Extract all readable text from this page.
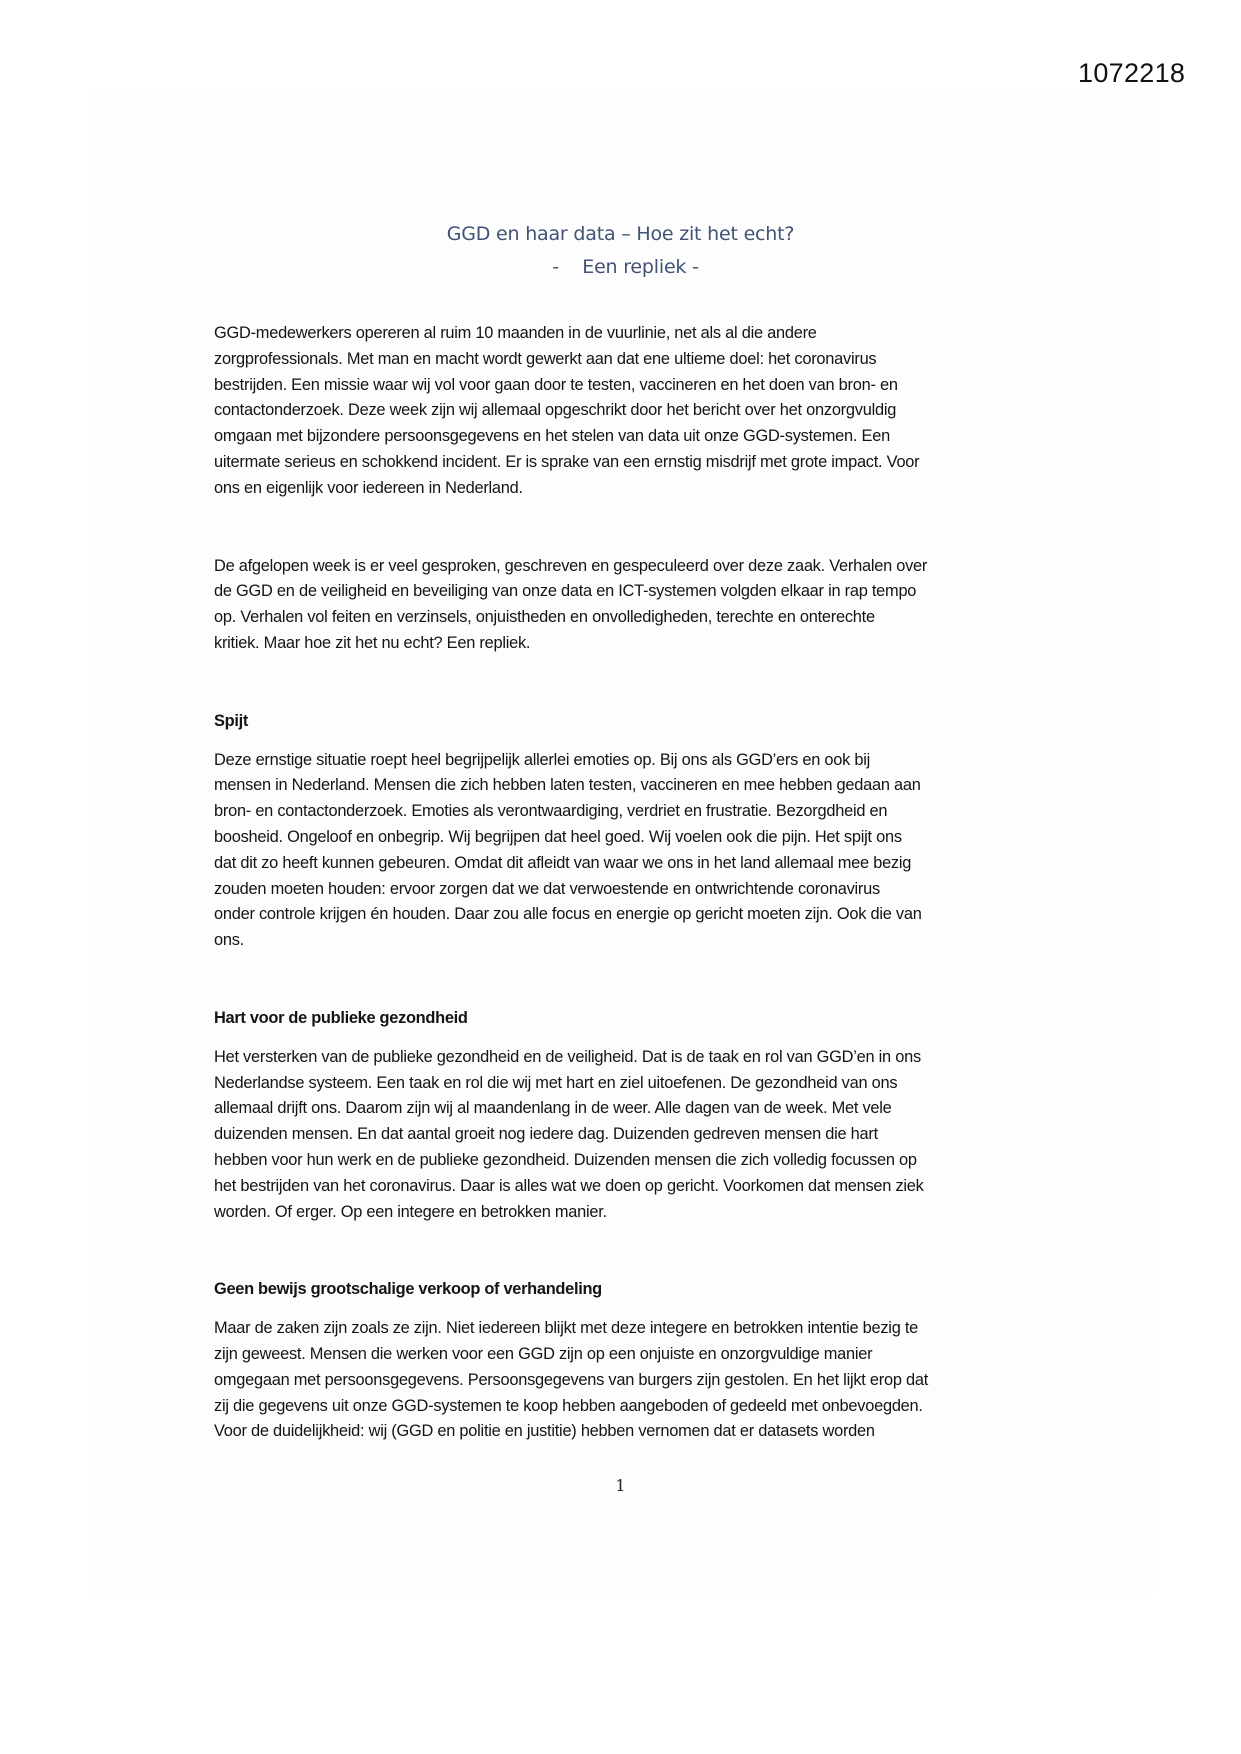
1072218
GGD en haar data – Hoe zit het echt?
-    Een repliek -

GGD-medewerkers opereren al ruim 10 maanden in de vuurlinie, net als al die andere
zorgprofessionals. Met man en macht wordt gewerkt aan dat ene ultieme doel: het coronavirus
bestrijden. Een missie waar wij vol voor gaan door te testen, vaccineren en het doen van bron- en
contactonderzoek. Deze week zijn wij allemaal opgeschrikt door het bericht over het onzorgvuldig
omgaan met bijzondere persoonsgegevens en het stelen van data uit onze GGD-systemen. Een
uitermate serieus en schokkend incident. Er is sprake van een ernstig misdrijf met grote impact. Voor
ons en eigenlijk voor iedereen in Nederland.

De afgelopen week is er veel gesproken, geschreven en gespeculeerd over deze zaak. Verhalen over
de GGD en de veiligheid en beveiliging van onze data en ICT-systemen volgden elkaar in rap tempo
op. Verhalen vol feiten en verzinsels, onjuistheden en onvolledigheden, terechte en onterechte
kritiek. Maar hoe zit het nu echt? Een repliek.

Spijt

Deze ernstige situatie roept heel begrijpelijk allerlei emoties op. Bij ons als GGD’ers en ook bij
mensen in Nederland. Mensen die zich hebben laten testen, vaccineren en mee hebben gedaan aan
bron- en contactonderzoek. Emoties als verontwaardiging, verdriet en frustratie. Bezorgdheid en
boosheid. Ongeloof en onbegrip. Wij begrijpen dat heel goed. Wij voelen ook die pijn. Het spijt ons
dat dit zo heeft kunnen gebeuren. Omdat dit afleidt van waar we ons in het land allemaal mee bezig
zouden moeten houden: ervoor zorgen dat we dat verwoestende en ontwrichtende coronavirus
onder controle krijgen én houden. Daar zou alle focus en energie op gericht moeten zijn. Ook die van
ons.

Hart voor de publieke gezondheid

Het versterken van de publieke gezondheid en de veiligheid. Dat is de taak en rol van GGD’en in ons
Nederlandse systeem. Een taak en rol die wij met hart en ziel uitoefenen. De gezondheid van ons
allemaal drijft ons. Daarom zijn wij al maandenlang in de weer. Alle dagen van de week. Met vele
duizenden mensen. En dat aantal groeit nog iedere dag. Duizenden gedreven mensen die hart
hebben voor hun werk en de publieke gezondheid. Duizenden mensen die zich volledig focussen op
het bestrijden van het coronavirus. Daar is alles wat we doen op gericht. Voorkomen dat mensen ziek
worden. Of erger. Op een integere en betrokken manier.

Geen bewijs grootschalige verkoop of verhandeling

Maar de zaken zijn zoals ze zijn. Niet iedereen blijkt met deze integere en betrokken intentie bezig te
zijn geweest. Mensen die werken voor een GGD zijn op een onjuiste en onzorgvuldige manier
omgegaan met persoonsgegevens. Persoonsgegevens van burgers zijn gestolen. En het lijkt erop dat
zij die gegevens uit onze GGD-systemen te koop hebben aangeboden of gedeeld met onbevoegden.
Voor de duidelijkheid: wij (GGD en politie en justitie) hebben vernomen dat er datasets worden

1
